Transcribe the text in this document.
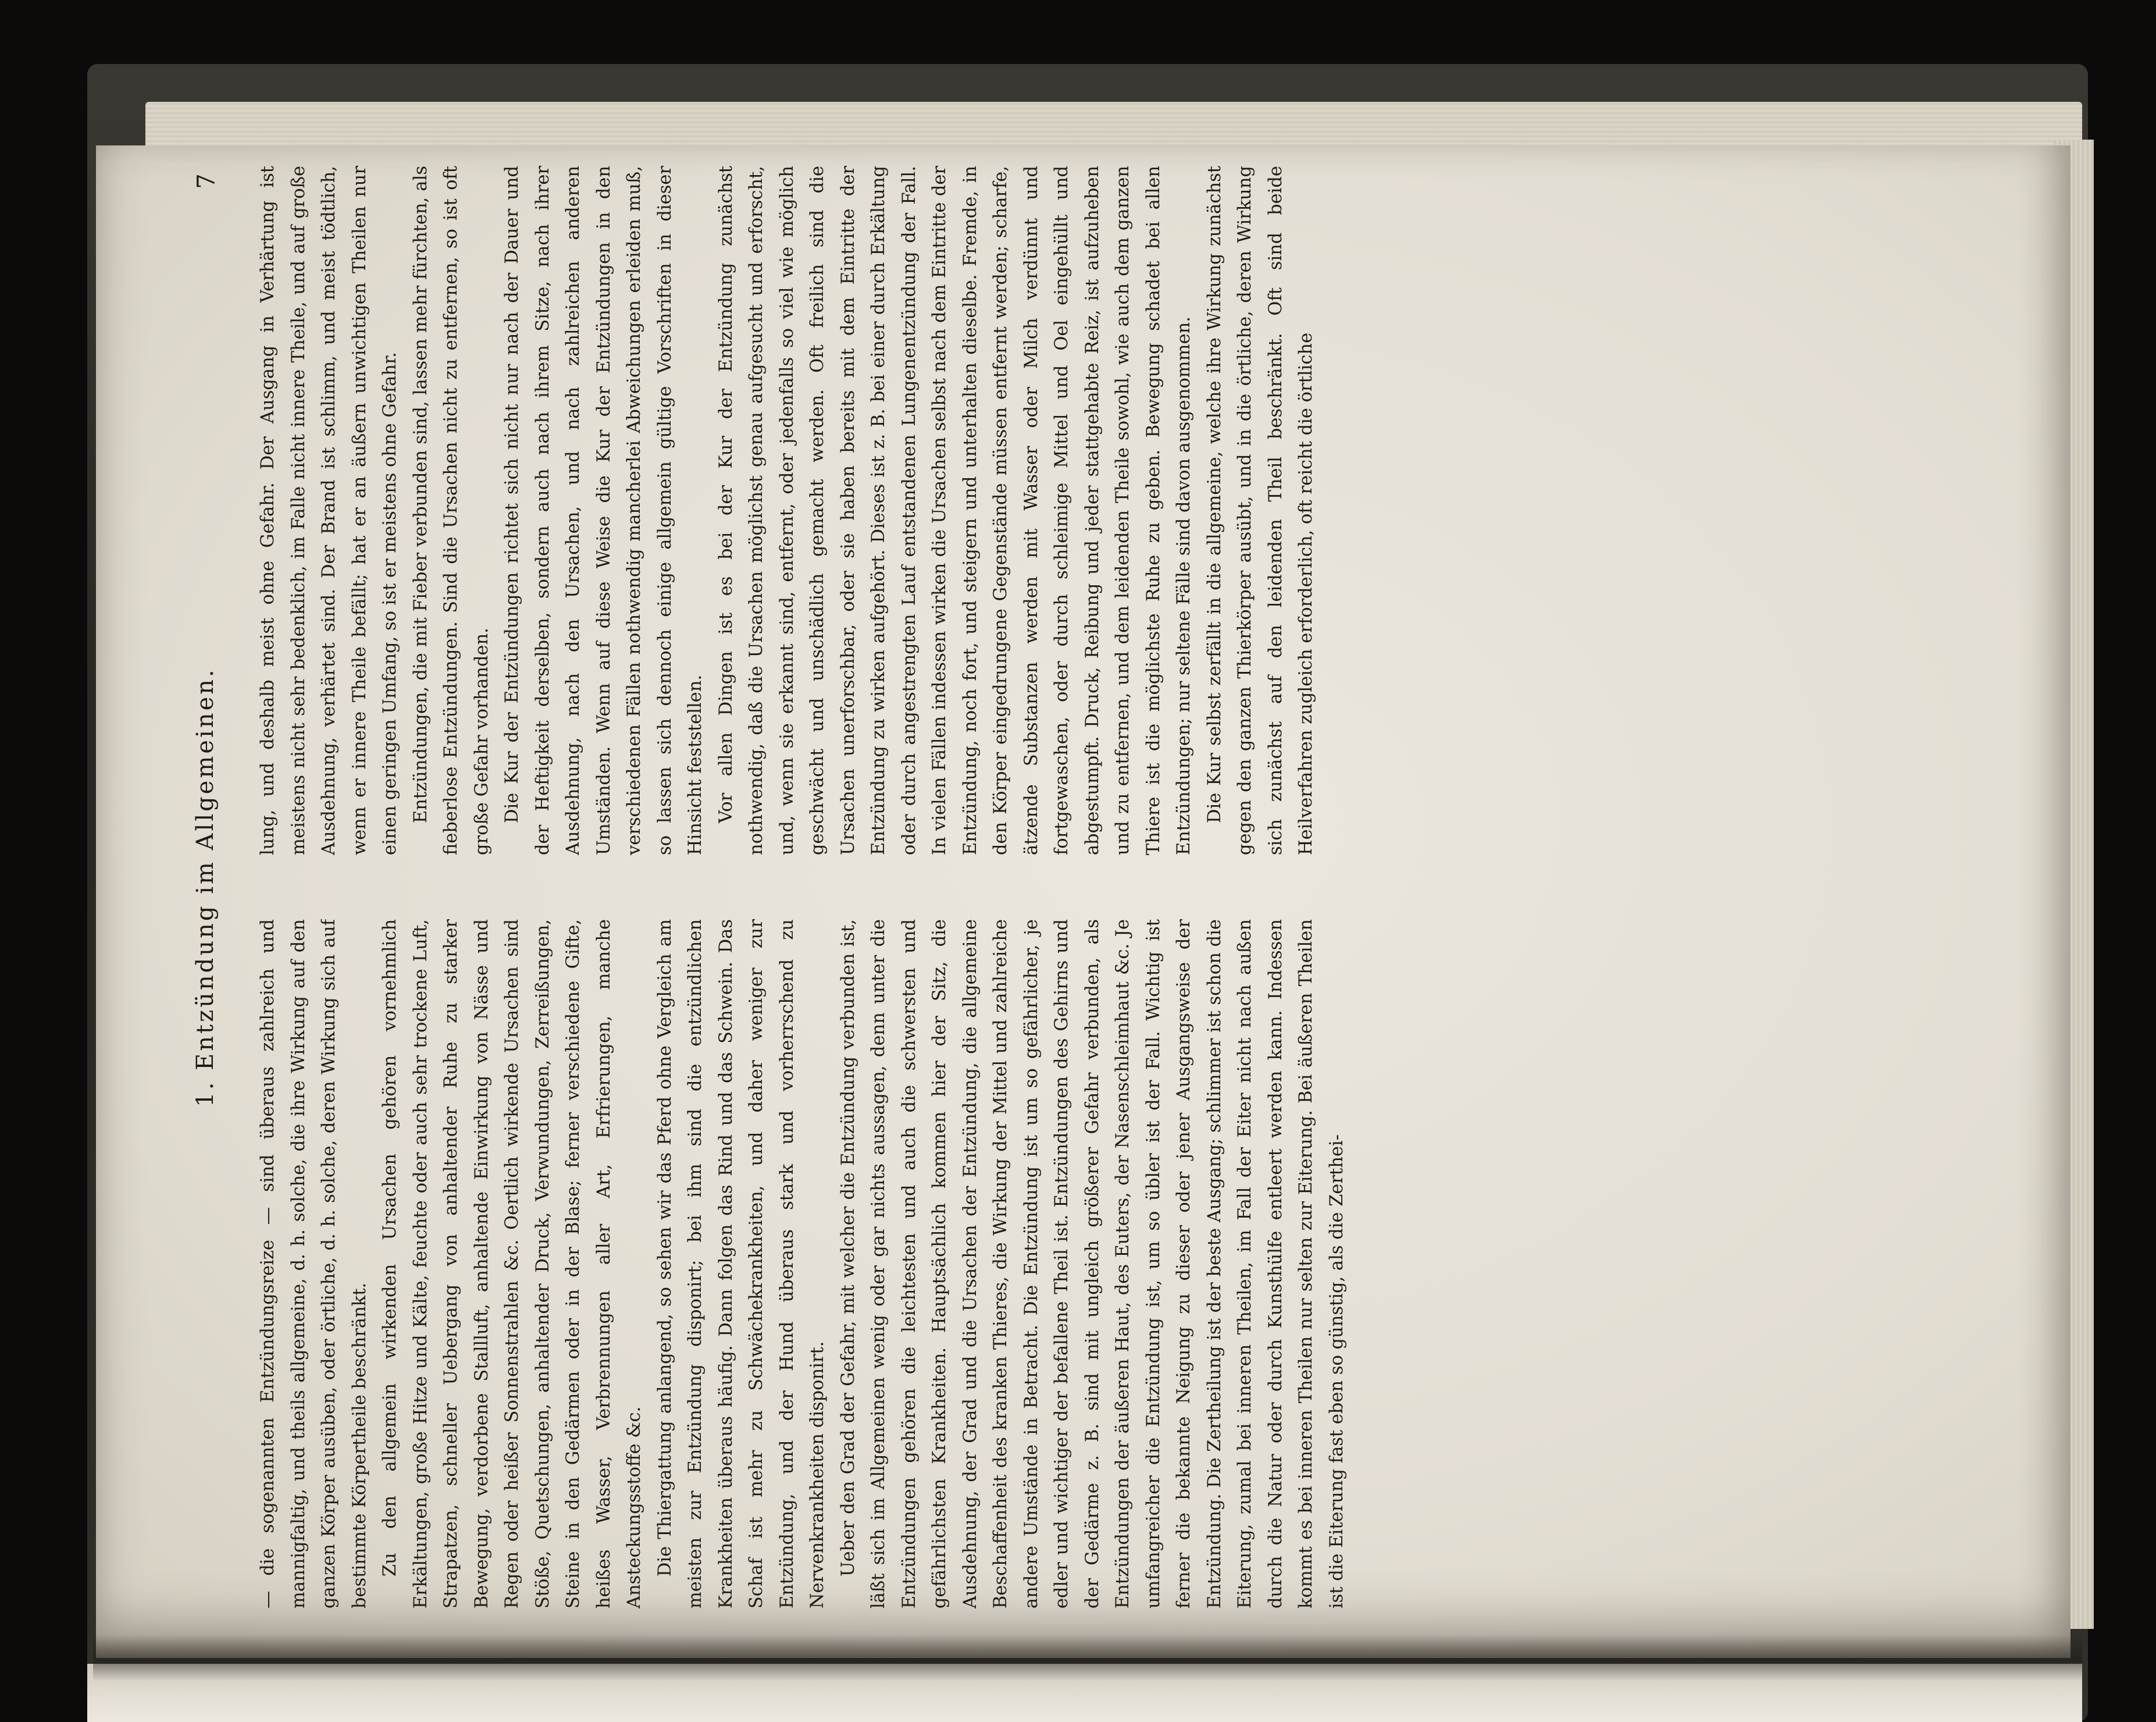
1. Entzündung im Allgemeinen.
7

— die sogenannten Entzündungsreize — sind überaus zahlreich und mannigfaltig, und theils allgemeine, d. h. solche, die ihre Wirkung auf den ganzen Körper ausüben, oder örtliche, d. h. solche, deren Wirkung sich auf bestimmte Körpertheile beschränkt. Zu den allgemein wirkenden Ursachen gehören vornehmlich Erkältungen, große Hitze und Kälte, feuchte oder auch sehr trockene Luft, Strapatzen, schneller Uebergang von anhaltender Ruhe zu starker Bewegung, verdorbene Stallluft, anhaltende Einwirkung von Nässe und Regen oder heißer Sonnenstrahlen &c. Oertlich wirkende Ursachen sind Stöße, Quetschungen, anhaltender Druck, Verwundungen, Zerreißungen, Steine in den Gedärmen oder in der Blase; ferner verschiedene Gifte, heißes Wasser, Verbrennungen aller Art, Erfrierungen, manche Ansteckungsstoffe &c. Die Thiergattung anlangend, so sehen wir das Pferd ohne Vergleich am meisten zur Entzündung disponirt; bei ihm sind die entzündlichen Krankheiten überaus häufig. Dann folgen das Rind und das Schwein. Das Schaf ist mehr zu Schwächekrankheiten, und daher weniger zur Entzündung, und der Hund überaus stark und vorherrschend zu Nervenkrankheiten disponirt. Ueber den Grad der Gefahr, mit welcher die Entzündung verbunden ist, läßt sich im Allgemeinen wenig oder gar nichts aussagen, denn unter die Entzündungen gehören die leichtesten und auch die schwersten und gefährlichsten Krankheiten. Hauptsächlich kommen hier der Sitz, die Ausdehnung, der Grad und die Ursachen der Entzündung, die allgemeine Beschaffenheit des kranken Thieres, die Wirkung der Mittel und zahlreiche andere Umstände in Betracht. Die Entzündung ist um so gefährlicher, je edler und wichtiger der befallene Theil ist. Entzündungen des Gehirns und der Gedärme z. B. sind mit ungleich größerer Gefahr verbunden, als Entzündungen der äußeren Haut, des Euters, der Nasenschleimhaut &c. Je umfangreicher die Entzündung ist, um so übler ist der Fall. Wichtig ist ferner die bekannte Neigung zu dieser oder jener Ausgangsweise der Entzündung. Die Zertheilung ist der beste Ausgang; schlimmer ist schon die Eiterung, zumal bei inneren Theilen, im Fall der Eiter nicht nach außen durch die Natur oder durch Kunsthülfe entleert werden kann. Indessen kommt es bei inneren Theilen nur selten zur Eiterung. Bei äußeren Theilen ist die Eiterung fast eben so günstig, als die Zerthei-

lung, und deshalb meist ohne Gefahr. Der Ausgang in Verhärtung ist meistens nicht sehr bedenklich, im Falle nicht innere Theile, und auf große Ausdehnung, verhärtet sind. Der Brand ist schlimm, und meist tödtlich, wenn er innere Theile befällt; hat er an äußern unwichtigen Theilen nur einen geringen Umfang, so ist er meistens ohne Gefahr. Entzündungen, die mit Fieber verbunden sind, lassen mehr fürchten, als fieberlose Entzündungen. Sind die Ursachen nicht zu entfernen, so ist oft große Gefahr vorhanden. Die Kur der Entzündungen richtet sich nicht nur nach der Dauer und der Heftigkeit derselben, sondern auch nach ihrem Sitze, nach ihrer Ausdehnung, nach den Ursachen, und nach zahlreichen anderen Umständen. Wenn auf diese Weise die Kur der Entzündungen in den verschiedenen Fällen nothwendig mancherlei Abweichungen erleiden muß, so lassen sich dennoch einige allgemein gültige Vorschriften in dieser Hinsicht feststellen. Vor allen Dingen ist es bei der Kur der Entzündung zunächst nothwendig, daß die Ursachen möglichst genau aufgesucht und erforscht, und, wenn sie erkannt sind, entfernt, oder jedenfalls so viel wie möglich geschwächt und unschädlich gemacht werden. Oft freilich sind die Ursachen unerforschbar, oder sie haben bereits mit dem Eintritte der Entzündung zu wirken aufgehört. Dieses ist z. B. bei einer durch Erkältung oder durch angestrengten Lauf entstandenen Lungenentzündung der Fall. In vielen Fällen indessen wirken die Ursachen selbst nach dem Eintritte der Entzündung, noch fort, und steigern und unterhalten dieselbe. Fremde, in den Körper eingedrungene Gegenstände müssen entfernt werden; scharfe, ätzende Substanzen werden mit Wasser oder Milch verdünnt und fortgewaschen, oder durch schleimige Mittel und Oel eingehüllt und abgestumpft. Druck, Reibung und jeder stattgehabte Reiz, ist aufzuheben und zu entfernen, und dem leidenden Theile sowohl, wie auch dem ganzen Thiere ist die möglichste Ruhe zu geben. Bewegung schadet bei allen Entzündungen; nur seltene Fälle sind davon ausgenommen. Die Kur selbst zerfällt in die allgemeine, welche ihre Wirkung zunächst gegen den ganzen Thierkörper ausübt, und in die örtliche, deren Wirkung sich zunächst auf den leidenden Theil beschränkt. Oft sind beide Heilverfahren zugleich erforderlich, oft reicht die örtliche
